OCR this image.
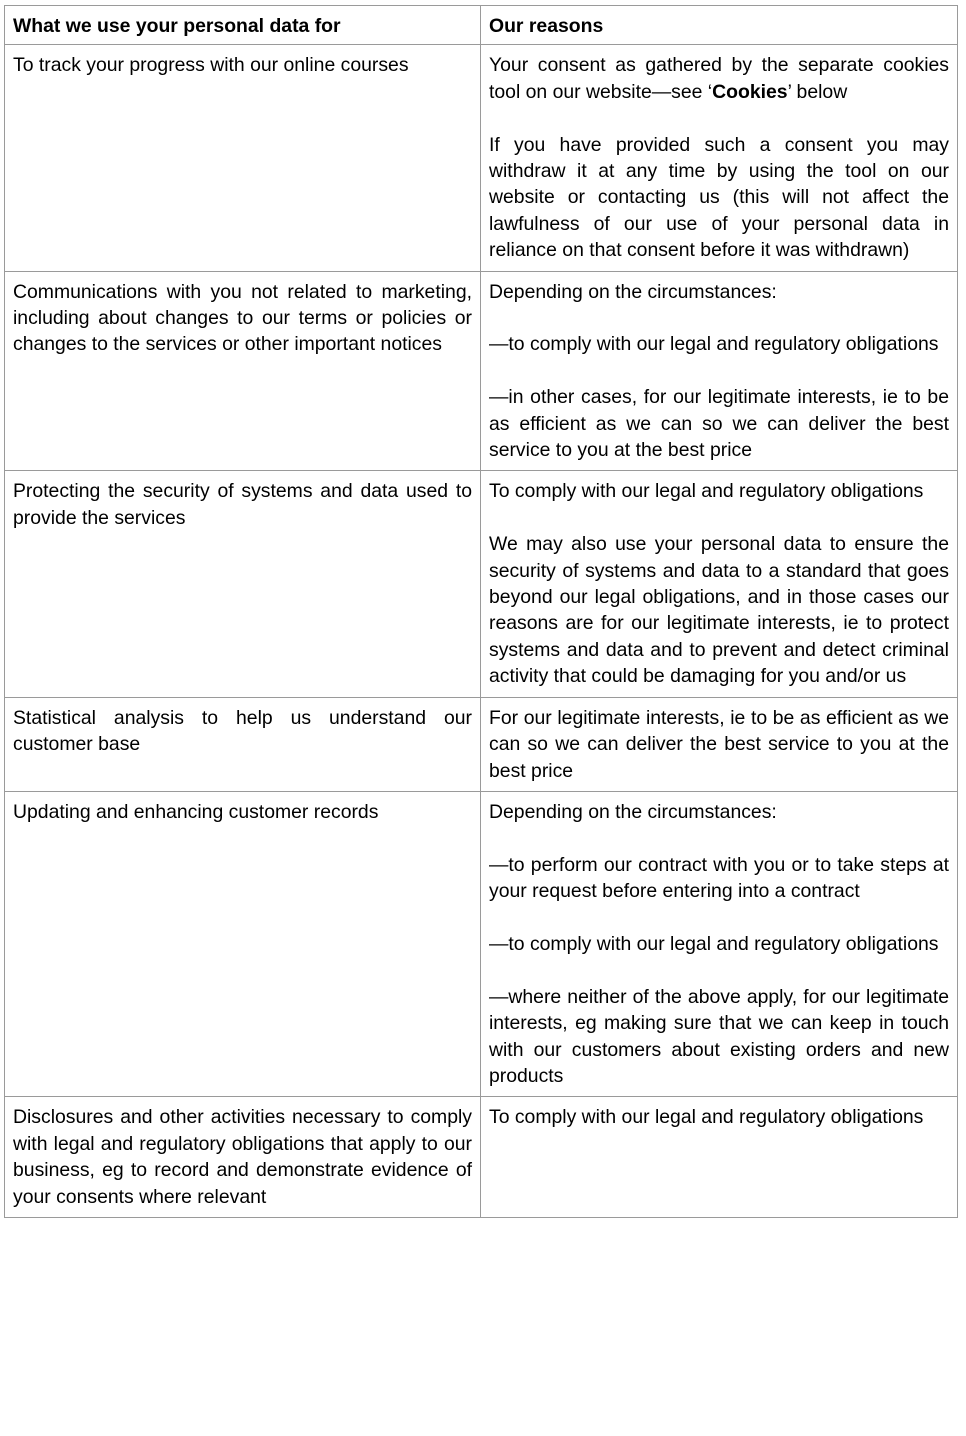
What we use your personal data for	Our reasons
To track your progress with our online courses	Your consent as gathered by the separate cookies tool on our website—see ‘Cookies’ below

If you have provided such a consent you may withdraw it at any time by using the tool on our website or contacting us (this will not affect the lawfulness of our use of your personal data in reliance on that consent before it was withdrawn)

Communications with you not related to marketing, including about changes to our terms or policies or changes to the services or other important notices	Depending on the circumstances:

—to comply with our legal and regulatory obligations

—in other cases, for our legitimate interests, ie to be as efficient as we can so we can deliver the best service to you at the best price

Protecting the security of systems and data used to provide the services	To comply with our legal and regulatory obligations

We may also use your personal data to ensure the security of systems and data to a standard that goes beyond our legal obligations, and in those cases our reasons are for our legitimate interests, ie to protect systems and data and to prevent and detect criminal activity that could be damaging for you and/or us

Statistical analysis to help us understand our customer base	For our legitimate interests, ie to be as efficient as we can so we can deliver the best service to you at the best price

Updating and enhancing customer records	Depending on the circumstances:

—to perform our contract with you or to take steps at your request before entering into a contract

—to comply with our legal and regulatory obligations

—where neither of the above apply, for our legitimate interests, eg making sure that we can keep in touch with our customers about existing orders and new products

Disclosures and other activities necessary to comply with legal and regulatory obligations that apply to our business, eg to record and demonstrate evidence of your consents where relevant	To comply with our legal and regulatory obligations
